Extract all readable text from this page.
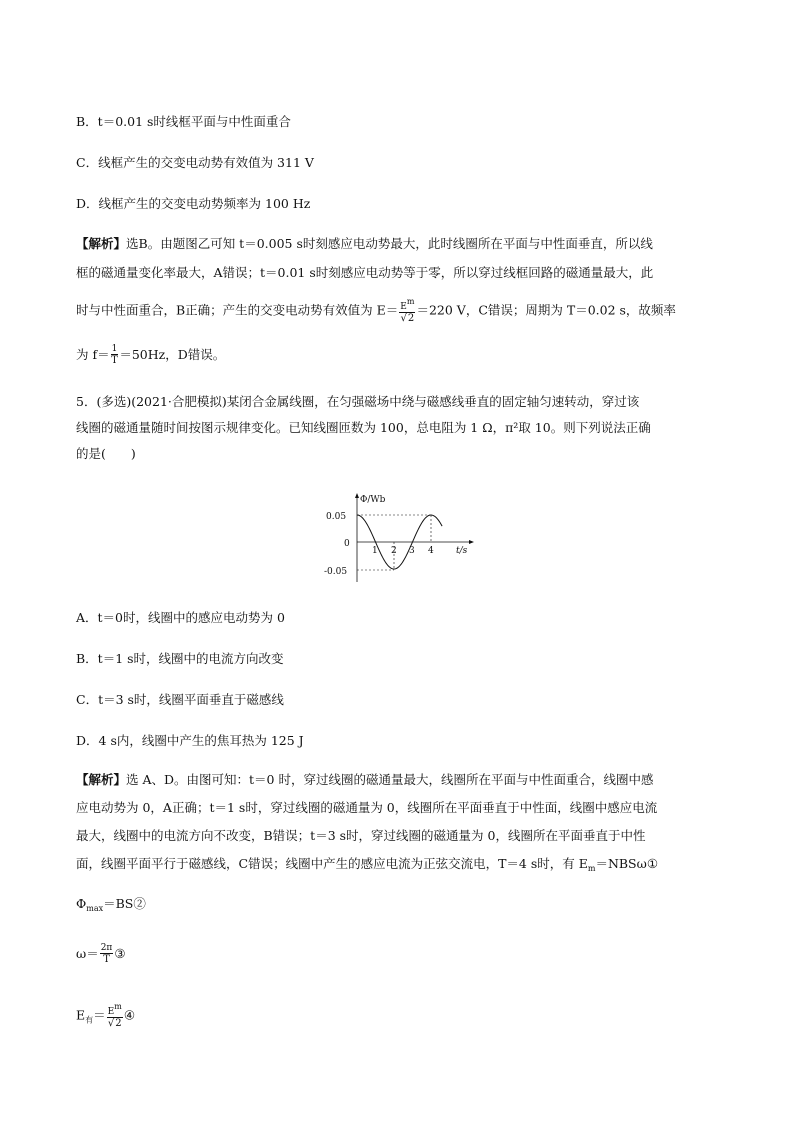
B．t＝0.01 s时线框平面与中性面重合
C．线框产生的交变电动势有效值为 311 V
D．线框产生的交变电动势频率为 100 Hz
【解析】选B。由题图乙可知 t＝0.005 s时刻感应电动势最大，此时线圈所在平面与中性面垂直，所以线
框的磁通量变化率最大，A错误；t＝0.01 s时刻感应电动势等于零，所以穿过线框回路的磁通量最大，此
时与中性面重合，B正确；产生的交变电动势有效值为 $E= \frac{Em}{√2} =220$ V，C错误；周期为 T＝0.02 s，故频率
为 $f= \frac{1}{T} =50Hz$，D错误。
5．(多选)(2021·合肥模拟)某闭合金属线圈，在匀强磁场中绕与磁感线垂直的固定轴匀速转动，穿过该
线圈的磁通量随时间按图示规律变化。已知线圈匝数为 100，总电阻为 1 Ω，π²取 10。则下列说法正确
的是(　　)
Φ/Wb
t/s
0.05
0
-0.05
1 2 3 4
A．t＝0时，线圈中的感应电动势为 0
B．t＝1 s时，线圈中的电流方向改变
C．t＝3 s时，线圈平面垂直于磁感线
D．4 s内，线圈中产生的焦耳热为 125 J
【解析】选 A、D。由图可知：t＝0 时，穿过线圈的磁通量最大，线圈所在平面与中性面重合，线圈中感
应电动势为 0，A正确；t＝1 s时，穿过线圈的磁通量为 0，线圈所在平面垂直于中性面，线圈中感应电流
最大，线圈中的电流方向不改变，B错误；t＝3 s时，穿过线圈的磁通量为 0，线圈所在平面垂直于中性
面，线圈平面平行于磁感线，C错误；线圈中产生的感应电流为正弦交流电，T＝4 s时，有 $E_m=NBS\omega ①$
$\Phi_{max}=BS②$
$\omega= \frac{2\pi}{T}$ ③
$E_有= \frac{Em}{√2}$ ④
